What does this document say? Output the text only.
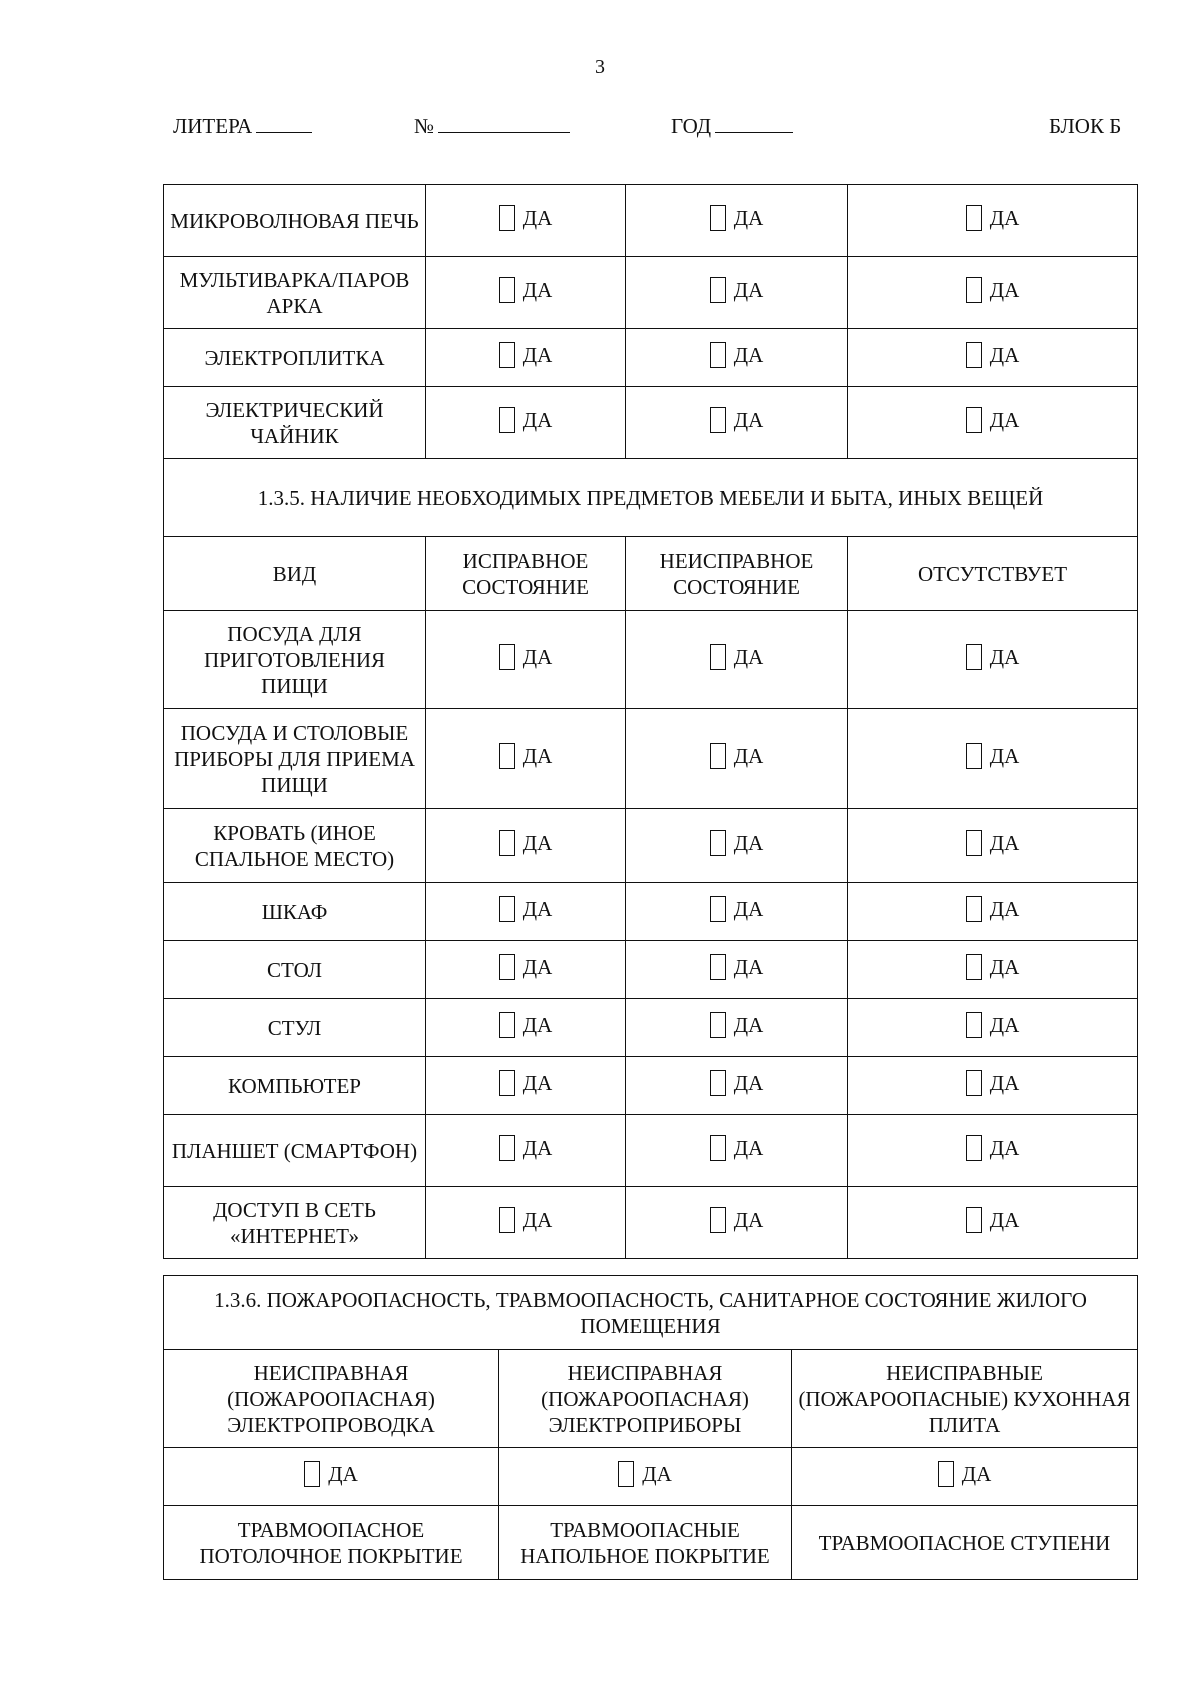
3
ЛИТЕРА	№	ГОД	БЛОК Б
МИКРОВОЛНОВАЯ ПЕЧЬ	ДА	ДА	ДА

МУЛЬТИВАРКА/ПАРОВ АРКА	ДА	ДА	ДА

ЭЛЕКТРОПЛИТКА	ДА	ДА	ДА

ЭЛЕКТРИЧЕСКИЙ ЧАЙНИК	ДА	ДА	ДА

1.3.5. НАЛИЧИЕ НЕОБХОДИМЫХ ПРЕДМЕТОВ МЕБЕЛИ И БЫТА, ИНЫХ ВЕЩЕЙ			
ВИД	ИСПРАВНОЕ СОСТОЯНИЕ	НЕИСПРАВНОЕ СОСТОЯНИЕ	ОТСУТСТВУЕТ
ПОСУДА ДЛЯ ПРИГОТОВЛЕНИЯ ПИЩИ	ДА	ДА	ДА

ПОСУДА И СТОЛОВЫЕ ПРИБОРЫ ДЛЯ ПРИЕМА ПИЩИ	ДА	ДА	ДА

КРОВАТЬ (ИНОЕ СПАЛЬНОЕ МЕСТО)	ДА	ДА	ДА

ШКАФ	ДА	ДА	ДА

СТОЛ	ДА	ДА	ДА

СТУЛ	ДА	ДА	ДА

КОМПЬЮТЕР	ДА	ДА	ДА

ПЛАНШЕТ (СМАРТФОН)	ДА	ДА	ДА

ДОСТУП В СЕТЬ «ИНТЕРНЕТ»	ДА	ДА	ДА
1.3.6. ПОЖАРООПАСНОСТЬ, ТРАВМООПАСНОСТЬ, САНИТАРНОЕ СОСТОЯНИЕ ЖИЛОГО ПОМЕЩЕНИЯ		
НЕИСПРАВНАЯ (ПОЖАРООПАСНАЯ) ЭЛЕКТРОПРОВОДКА	НЕИСПРАВНАЯ (ПОЖАРООПАСНАЯ) ЭЛЕКТРОПРИБОРЫ	НЕИСПРАВНЫЕ (ПОЖАРООПАСНЫЕ) КУХОННАЯ ПЛИТА

ДА	ДА	ДА

ТРАВМООПАСНОЕ ПОТОЛОЧНОЕ ПОКРЫТИЕ	ТРАВМООПАСНЫЕ НАПОЛЬНОЕ ПОКРЫТИЕ	ТРАВМООПАСНОЕ СТУПЕНИ
